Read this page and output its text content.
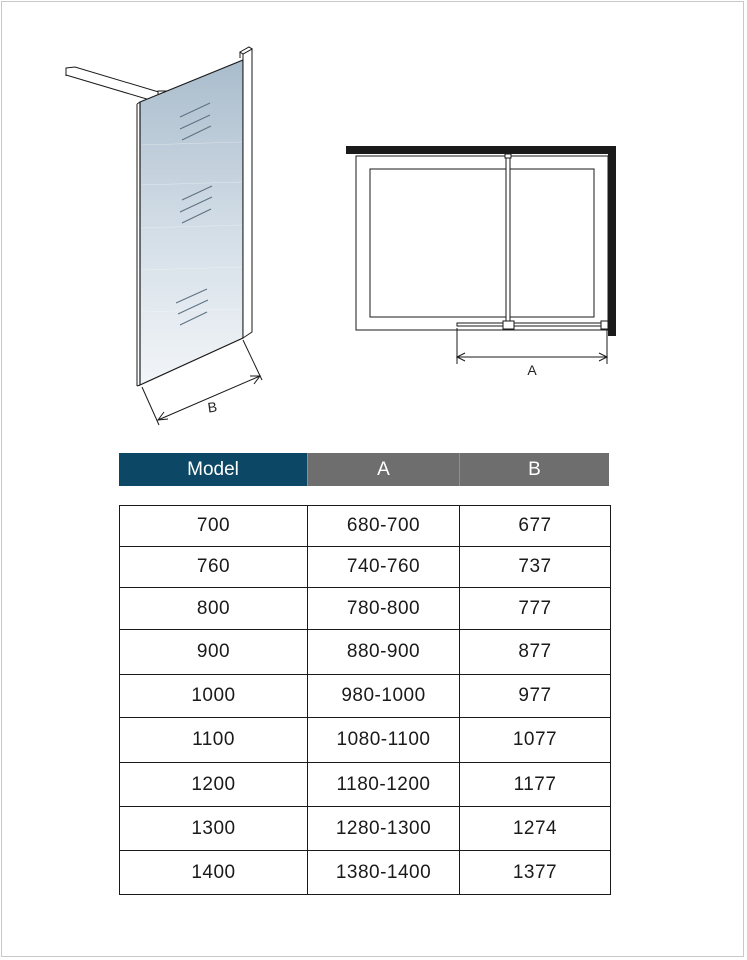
B
A
Model	A	B
700	680-700	677
760	740-760	737
800	780-800	777
900	880-900	877
1000	980-1000	977
1100	1080-1100	1077
1200	1180-1200	1177
1300	1280-1300	1274
1400	1380-1400	1377
